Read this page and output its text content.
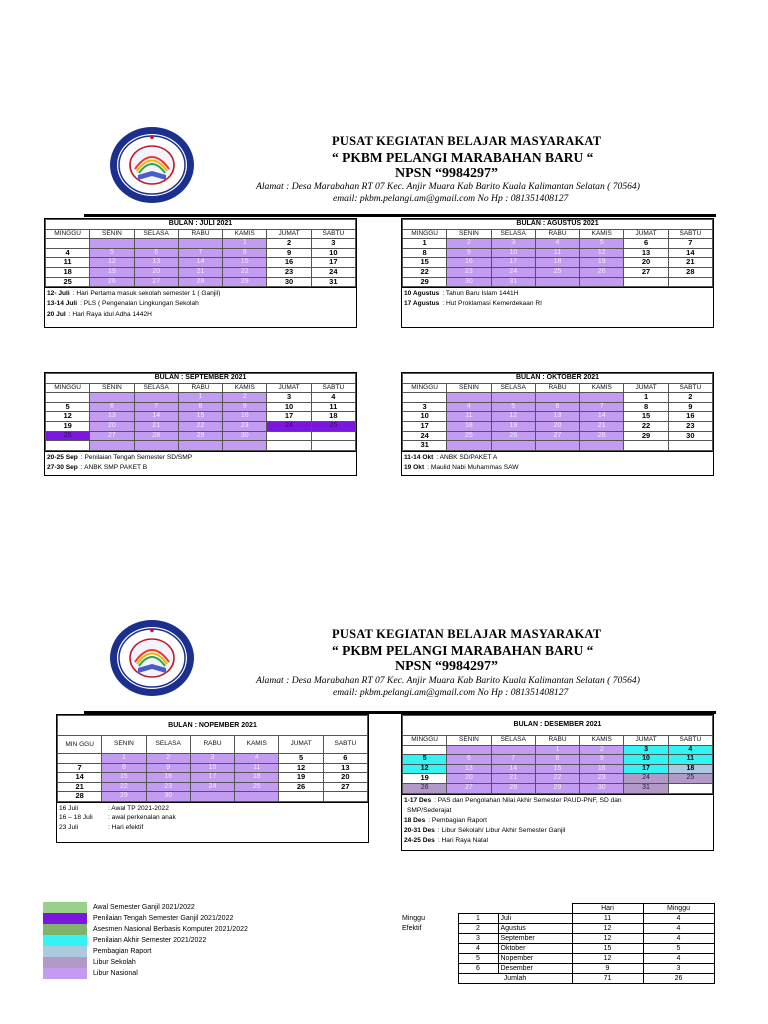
PUSAT KEGIATAN BELAJAR MASYARAKAT
“ PKBM PELANGI MARABAHAN BARU “
NPSN “9984297”
Alamat : Desa Marabahan RT 07 Kec. Anjir Muara Kab Barito Kuala Kalimantan Selatan ( 70564)
email: pkbm.pelangi.am@gmail.com No Hp : 081351408127
BULAN : JULI 2021						
MINGGU	SENIN	SELASA	RABU	KAMIS	JUMAT	SABTU
				1	2	3
4	5	6	7	8	9	10
11	12	13	14	15	16	17
18	19	20	21	22	23	24
25	26	27	28	29	30	31
12- Juli : Hari Pertama masuk sekolah semester 1 ( Ganjil)
13-14 Juli : PLS ( Pengenalan Lingkungan Sekolah
20 Jul : Hari Raya idul Adha 1442H
BULAN : AGUSTUS 2021						
MINGGU	SENIN	SELASA	RABU	KAMIS	JUMAT	SABTU
1	2	3	4	5	6	7
8	9	10	11	12	13	14
15	16	17	18	19	20	21
22	23	24	25	26	27	28
29	30	31				
10 Agustus : Tahun Baru Islam 1441H
17 Agustus : Hut Proklamasi Kemerdekaan RI
BULAN : SEPTEMBER 2021						
MINGGU	SENIN	SELASA	RABU	KAMIS	JUMAT	SABTU
			1	2	3	4
5	6	7	8	9	10	11
12	13	14	15	16	17	18
19	20	21	22	23	24	25
26	27	28	29	30		

20-25 Sep : Penilaian Tengah Semester SD/SMP
27-30 Sep : ANBK SMP PAKET B
BULAN : OKTOBER 2021						
MINGGU	SENIN	SELASA	RABU	KAMIS	JUMAT	SABTU
					1	2
3	4	5	6	7	8	9
10	11	12	13	14	15	16
17	18	19	20	21	22	23
24	25	26	27	28	29	30
31						
11-14 Okt : ANBK SD/PAKET A
19 Okt : Maulid Nabi Muhammas SAW
PUSAT KEGIATAN BELAJAR MASYARAKAT
“ PKBM PELANGI MARABAHAN BARU “
NPSN “9984297”
Alamat : Desa Marabahan RT 07 Kec. Anjir Muara Kab Barito Kuala Kalimantan Selatan ( 70564)
email: pkbm.pelangi.am@gmail.com No Hp : 081351408127
BULAN : NOPEMBER 2021						
MIN GGU	SENIN	SELASA	RABU	KAMIS	JUMAT	SABTU
	1	2	3	4	5	6
7	8	9	10	11	12	13
14	15	16	17	18	19	20
21	22	23	24	25	26	27
28	29	30				
16 Juli	: Awal TP 2021-2022
16 – 18 Juli	: awal perkenalan anak
23 Juli	: Hari efektif
BULAN : DESEMBER 2021						
MINGGU	SENIN	SELASA	RABU	KAMIS	JUMAT	SABTU
			1	2	3	4
5	6	7	8	9	10	11
12	13	14	15	16	17	18
19	20	21	22	23	24	25
26	27	28	29	30	31	
1-17 Des : PAS dan Pengolahan Nilai Akhir Semester PAUD-PNF, SD dan
SMP/Sederajat
18 Des : Pembagian Raport
20-31 Des : Libur Sekolah/ Libur Akhir Semester Ganjil
24-25 Des : Hari Raya Natal
Awal Semester Ganjil 2021/2022
Penilaian Tengah Semester Ganjil 2021/2022
Asesmen Nasional Berbasis Komputer 2021/2022
Penilaian Akhir Semester 2021/2022
Pembagian Raport
Libur Sekolah
Libur Nasional
			Hari	Minggu
Minggu	1	Juli	11	4
Efektif	2	Agustus	12	4
	3	September	12	4
	4	Oktober	15	5
	5	Nopember	12	4
	6	Desember	9	3
	Jumlah		71	26
